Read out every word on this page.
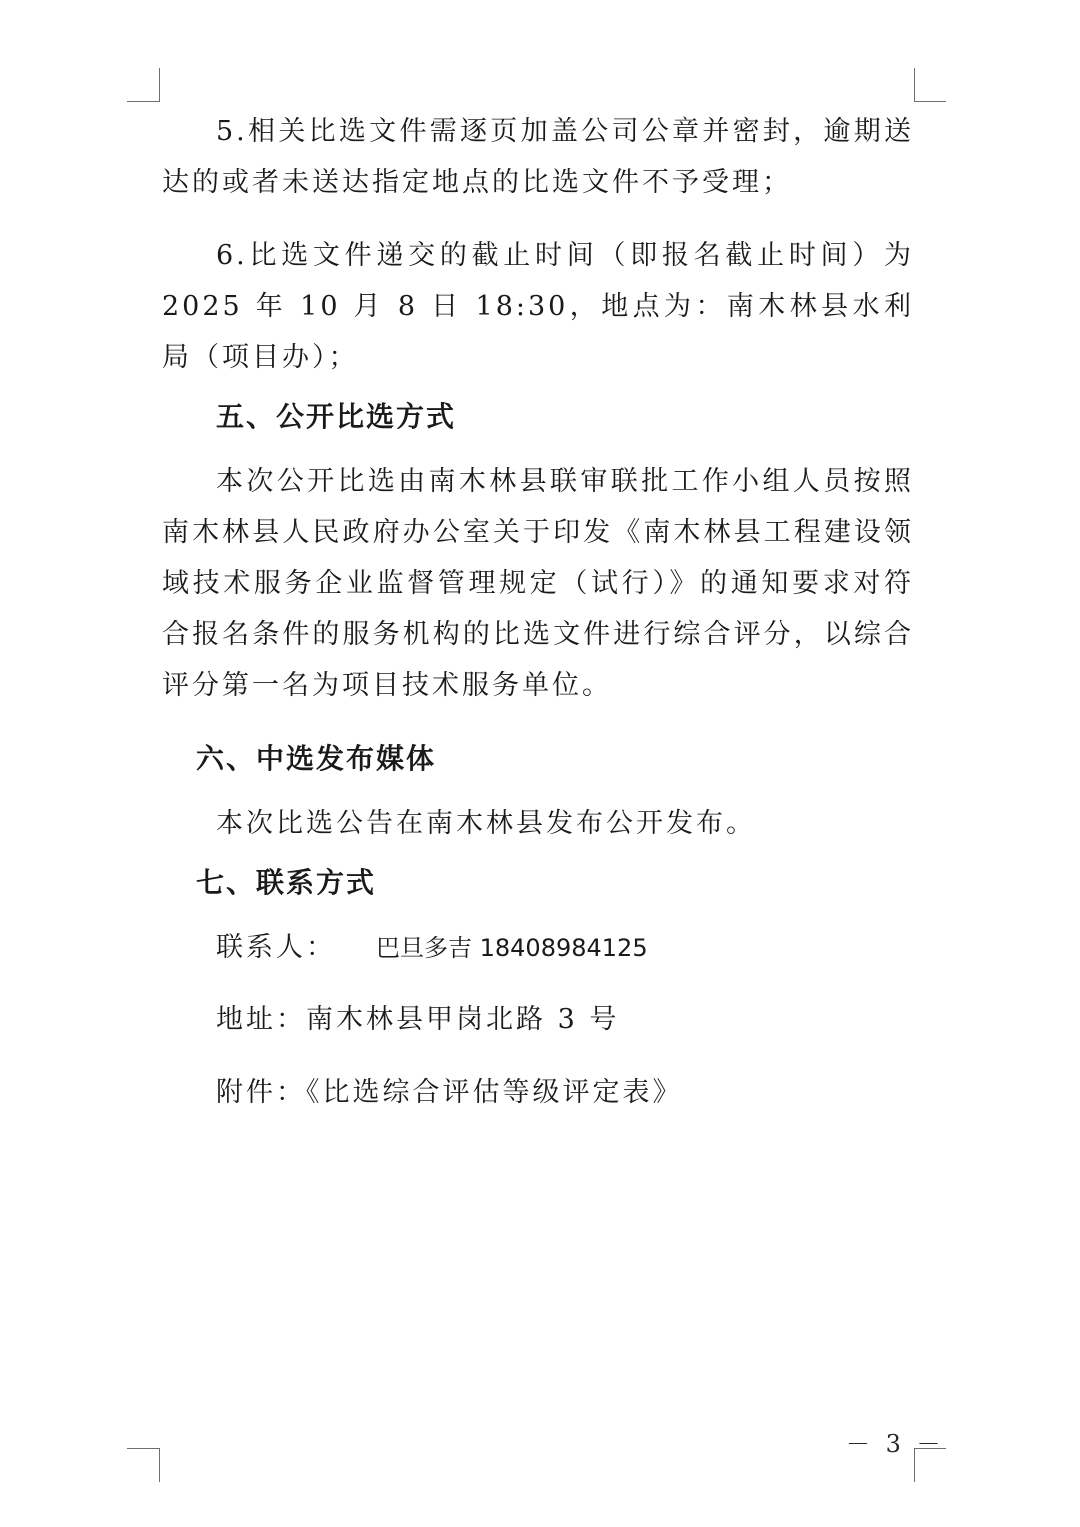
5.相关比选文件需逐页加盖公司公章并密封，逾期送达的或者未送达指定地点的比选文件不予受理；

6.比选文件递交的截止时间（即报名截止时间）为 2025 年 10 月 8 日 18:30，地点为：南木林县水利局（项目办）；

五、公开比选方式

本次公开比选由南木林县联审联批工作小组人员按照南木林县人民政府办公室关于印发《南木林县工程建设领域技术服务企业监督管理规定（试行）》的通知要求对符合报名条件的服务机构的比选文件进行综合评分，以综合评分第一名为项目技术服务单位。

六、中选发布媒体

本次比选公告在南木林县发布公开发布。

七、联系方式
联系人： 巴旦多吉 18408984125
地址：南木林县甲岗北路 3 号
附件：《比选综合评估等级评定表》
－ 3 －
